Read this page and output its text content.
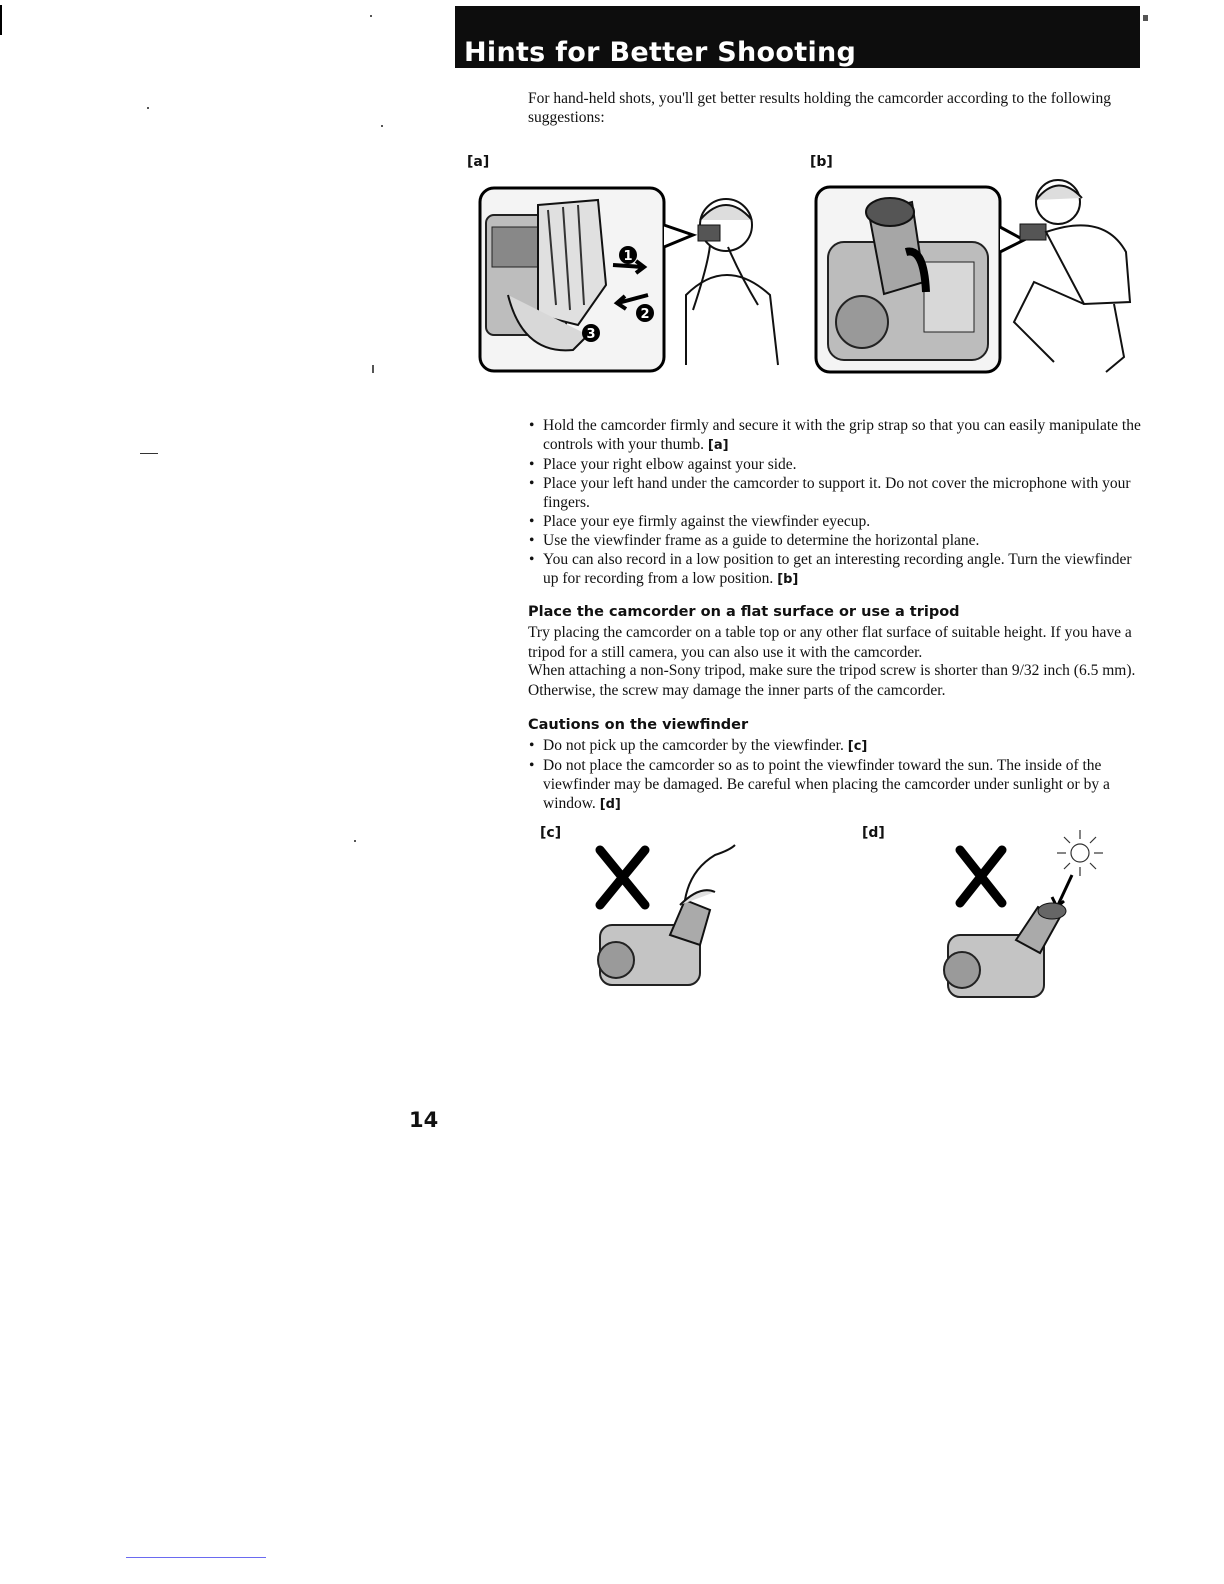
Hints for Better Shooting
For hand-held shots, you'll get better results holding the camcorder according to the following suggestions:
[a]
1
2
3
[b]
• Hold the camcorder firmly and secure it with the grip strap so that you can easily manipulate the controls with your thumb. [a]
• Place your right elbow against your side.
• Place your left hand under the camcorder to support it. Do not cover the microphone with your fingers.
• Place your eye firmly against the viewfinder eyecup.
• Use the viewfinder frame as a guide to determine the horizontal plane.
• You can also record in a low position to get an interesting recording angle. Turn the viewfinder up for recording from a low position. [b]
Place the camcorder on a flat surface or use a tripod
Try placing the camcorder on a table top or any other flat surface of suitable height. If you have a tripod for a still camera, you can also use it with the camcorder.
When attaching a non-Sony tripod, make sure the tripod screw is shorter than 9/32 inch (6.5 mm). Otherwise, the screw may damage the inner parts of the camcorder.
Cautions on the viewfinder
• Do not pick up the camcorder by the viewfinder. [c]
• Do not place the camcorder so as to point the viewfinder toward the sun. The inside of the viewfinder may be damaged. Be careful when placing the camcorder under sunlight or by a window. [d]
[c]	[d]
14
